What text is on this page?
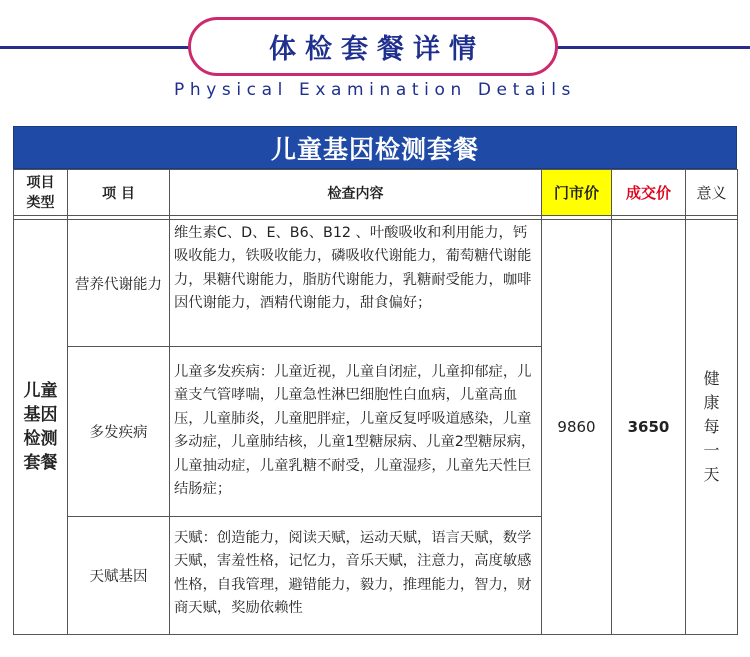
体检套餐详情
Physical Examination Details
儿童基因检测套餐
项目类型	项 目	检查内容	门市价	成交价	意义

儿童基因检测套餐	营养代谢能力	维生素C、D、E、B6、B12 、叶酸吸收和利用能力，钙吸收能力，铁吸收能力，磷吸收代谢能力，葡萄糖代谢能力，果糖代谢能力，脂肪代谢能力，乳糖耐受能力，咖啡因代谢能力，酒精代谢能力，甜食偏好；	9860	3650	健康每一天
	多发疾病	儿童多发疾病：儿童近视，儿童自闭症，儿童抑郁症，儿童支气管哮喘，儿童急性淋巴细胞性白血病，儿童高血压，儿童肺炎，儿童肥胖症，儿童反复呼吸道感染，儿童多动症，儿童肺结核，儿童1型糖尿病、儿童2型糖尿病，儿童抽动症，儿童乳糖不耐受，儿童湿疹，儿童先天性巨结肠症；			
	天赋基因	天赋：创造能力，阅读天赋，运动天赋，语言天赋，数学天赋，害羞性格，记忆力，音乐天赋，注意力，高度敏感性格，自我管理，避错能力，毅力，推理能力，智力，财商天赋，奖励依赖性			
